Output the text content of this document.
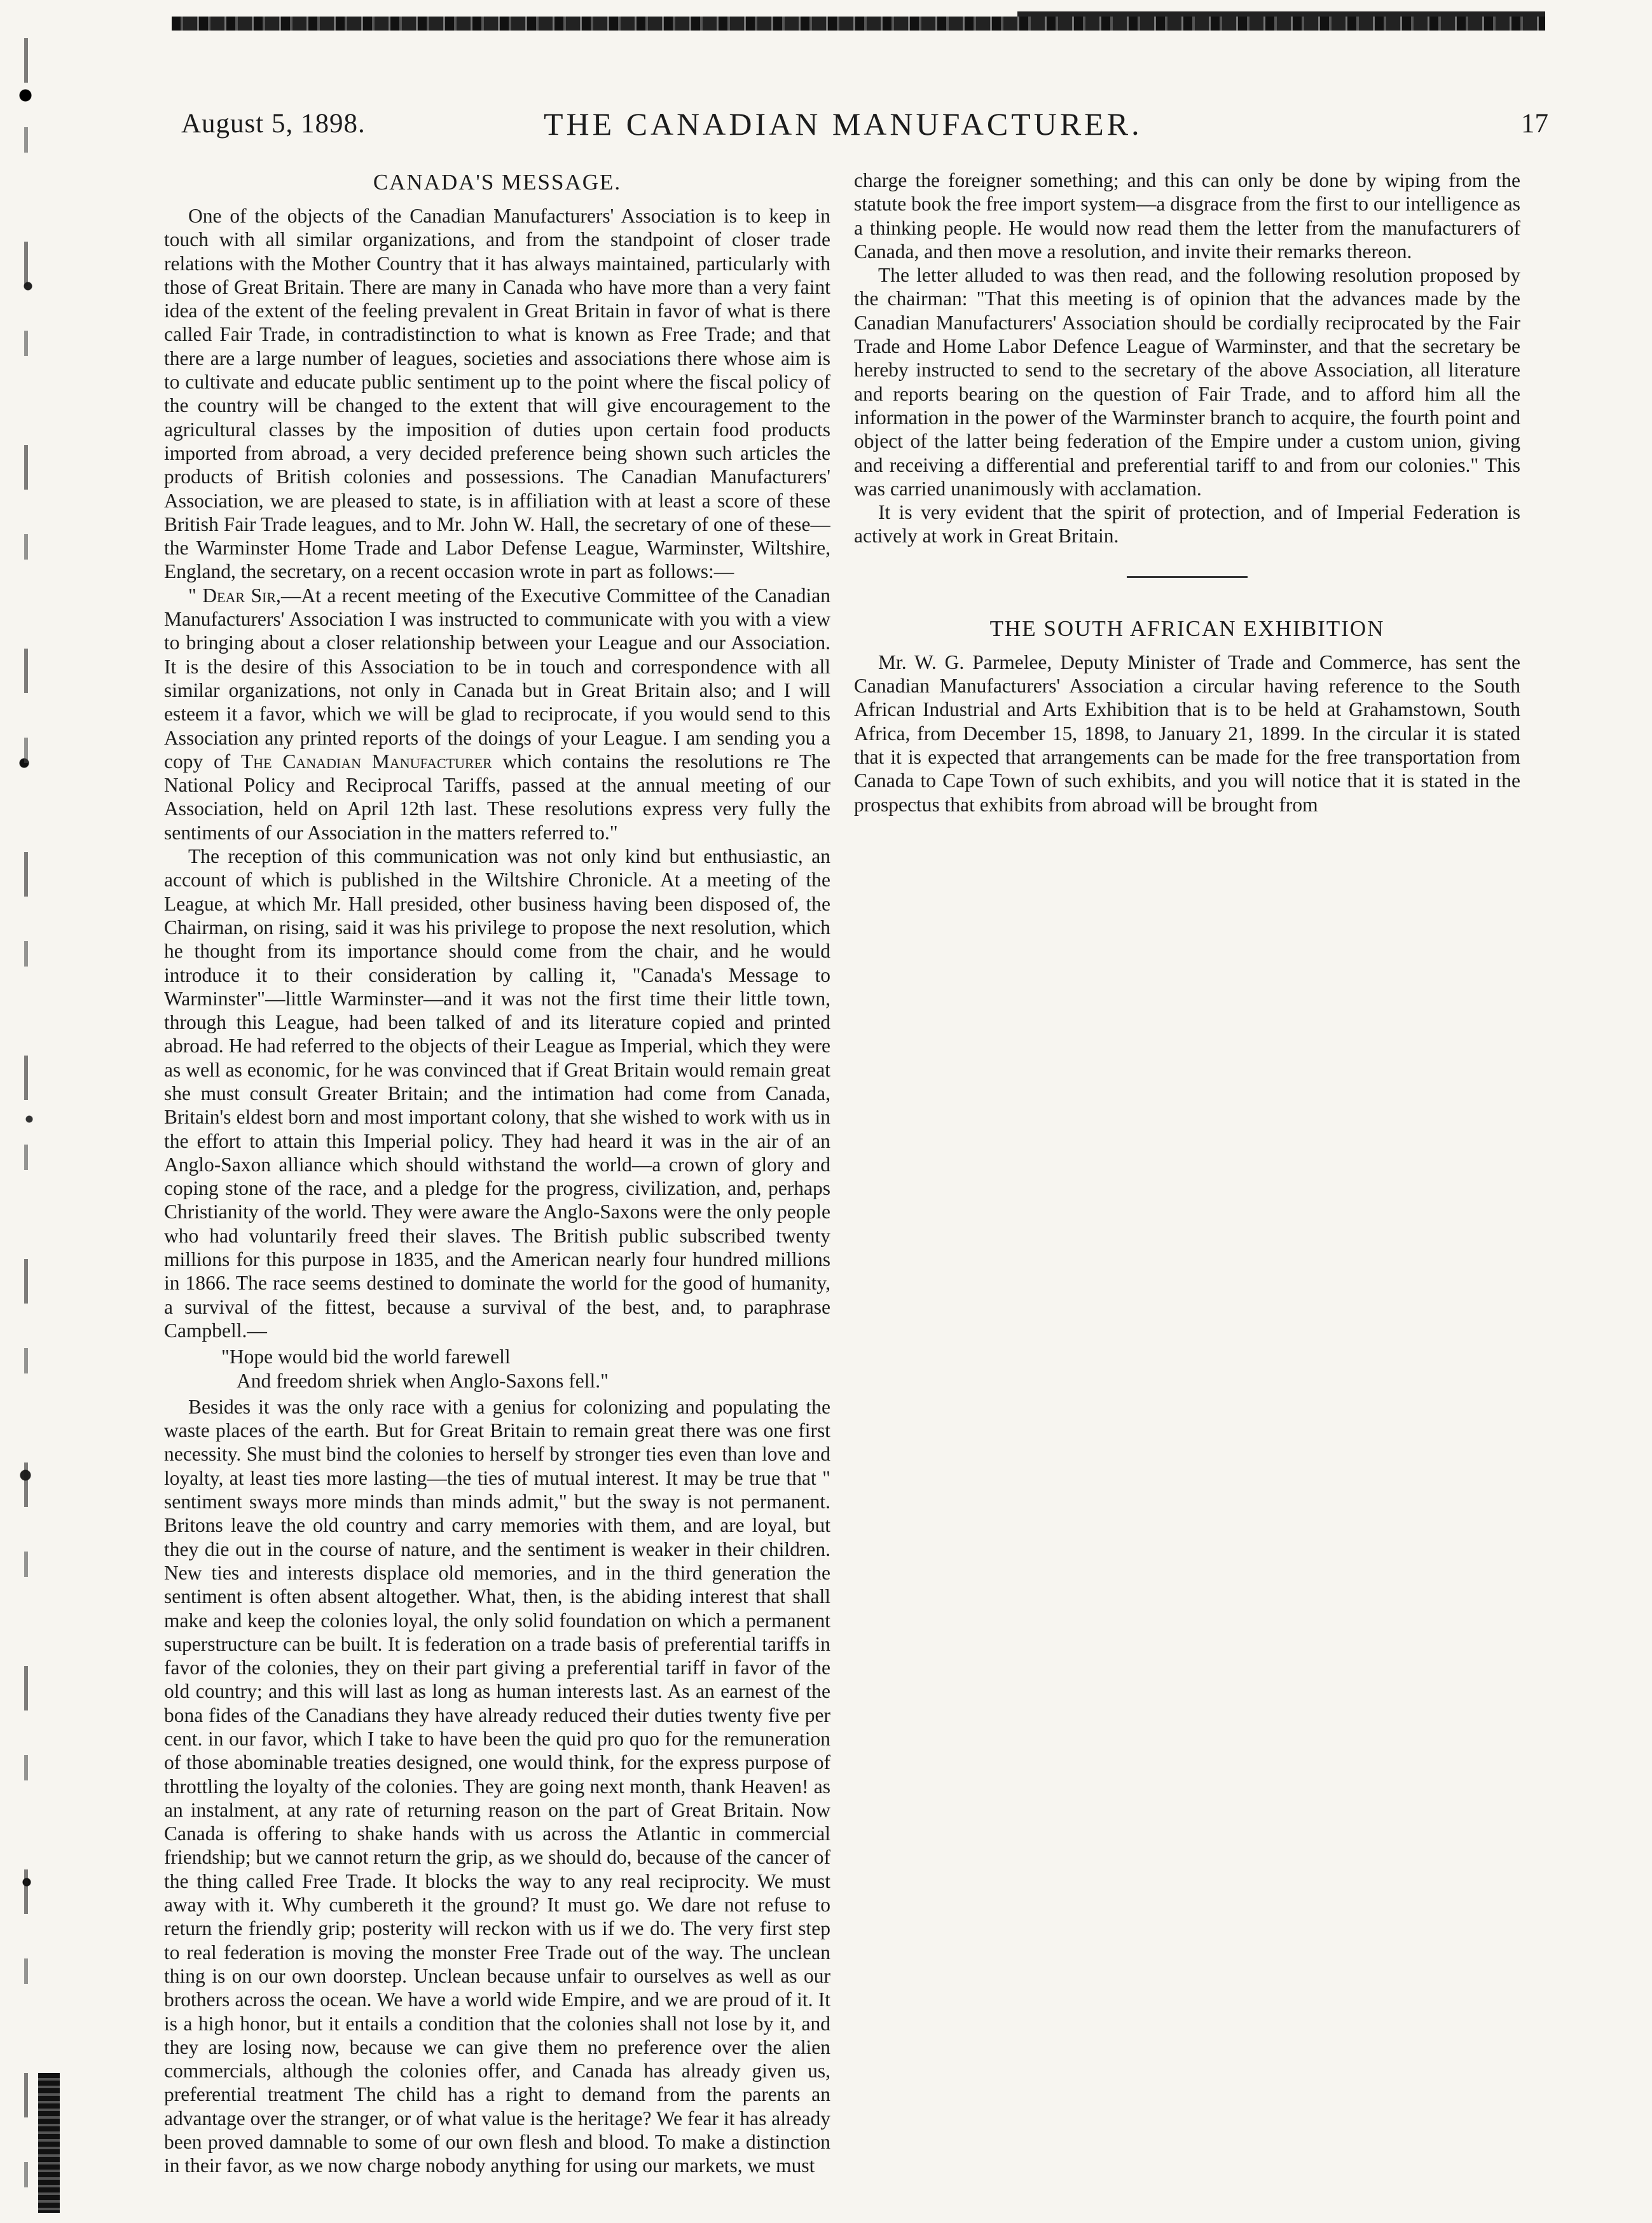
August 5, 1898.	THE CANADIAN MANUFACTURER.	17
CANADA'S MESSAGE.

One of the objects of the Canadian Manufacturers' Association is to keep in touch with all similar organizations, and from the standpoint of closer trade relations with the Mother Country that it has always maintained, particularly with those of Great Britain. There are many in Canada who have more than a very faint idea of the extent of the feeling prevalent in Great Britain in favor of what is there called Fair Trade, in contradistinction to what is known as Free Trade; and that there are a large number of leagues, societies and associations there whose aim is to cultivate and educate public sentiment up to the point where the fiscal policy of the country will be changed to the extent that will give encouragement to the agricultural classes by the imposition of duties upon certain food products imported from abroad, a very decided preference being shown such articles the products of British colonies and possessions. The Canadian Manufacturers' Association, we are pleased to state, is in affiliation with at least a score of these British Fair Trade leagues, and to Mr. John W. Hall, the secretary of one of these—the Warminster Home Trade and Labor Defense League, Warminster, Wiltshire, England, the secretary, on a recent occasion wrote in part as follows:—

" Dear Sir,—At a recent meeting of the Executive Committee of the Canadian Manufacturers' Association I was instructed to communicate with you with a view to bringing about a closer relationship between your League and our Association. It is the desire of this Association to be in touch and correspondence with all similar organizations, not only in Canada but in Great Britain also; and I will esteem it a favor, which we will be glad to reciprocate, if you would send to this Association any printed reports of the doings of your League. I am sending you a copy of The Canadian Manufacturer which contains the resolutions re The National Policy and Reciprocal Tariffs, passed at the annual meeting of our Association, held on April 12th last. These resolutions express very fully the sentiments of our Association in the matters referred to."

The reception of this communication was not only kind but enthusiastic, an account of which is published in the Wiltshire Chronicle. At a meeting of the League, at which Mr. Hall presided, other business having been disposed of, the Chairman, on rising, said it was his privilege to propose the next resolution, which he thought from its importance should come from the chair, and he would introduce it to their consideration by calling it, "Canada's Message to Warminster"—little Warminster—and it was not the first time their little town, through this League, had been talked of and its literature copied and printed abroad. He had referred to the objects of their League as Imperial, which they were as well as economic, for he was convinced that if Great Britain would remain great she must consult Greater Britain; and the intimation had come from Canada, Britain's eldest born and most important colony, that she wished to work with us in the effort to attain this Imperial policy. They had heard it was in the air of an Anglo-Saxon alliance which should withstand the world—a crown of glory and coping stone of the race, and a pledge for the progress, civilization, and, perhaps Christianity of the world. They were aware the Anglo-Saxons were the only people who had voluntarily freed their slaves. The British public subscribed twenty millions for this purpose in 1835, and the American nearly four hundred millions in 1866. The race seems destined to dominate the world for the good of humanity, a survival of the fittest, because a survival of the best, and, to paraphrase Campbell.—

"Hope would bid the world farewell
And freedom shriek when Anglo-Saxons fell."

Besides it was the only race with a genius for colonizing and populating the waste places of the earth. But for Great Britain to remain great there was one first necessity. She must bind the colonies to herself by stronger ties even than love and loyalty, at least ties more lasting—the ties of mutual interest. It may be true that " sentiment sways more minds than minds admit," but the sway is not permanent. Britons leave the old country and carry memories with them, and are loyal, but they die out in the course of nature, and the sentiment is weaker in their children. New ties and interests displace old memories, and in the third generation the sentiment is often absent altogether. What, then, is the abiding interest that shall make and keep the colonies loyal, the only solid foundation on which a permanent superstructure can be built. It is federation on a trade basis of preferential tariffs in favor of the colonies, they on their part giving a preferential tariff in favor of the old country; and this will last as long as human interests last. As an earnest of the bona fides of the Canadians they have already reduced their duties twenty five per cent. in our favor, which I take to have been the quid pro quo for the remuneration of those abominable treaties designed, one would think, for the express purpose of throttling the loyalty of the colonies. They are going next month, thank Heaven! as an instalment, at any rate of returning reason on the part of Great Britain. Now Canada is offering to shake hands with us across the Atlantic in commercial friendship; but we cannot return the grip, as we should do, because of the cancer of the thing called Free Trade. It blocks the way to any real reciprocity. We must away with it. Why cumbereth it the ground? It must go. We dare not refuse to return the friendly grip; posterity will reckon with us if we do. The very first step to real federation is moving the monster Free Trade out of the way. The unclean thing is on our own doorstep. Unclean because unfair to ourselves as well as our brothers across the ocean. We have a world wide Empire, and we are proud of it. It is a high honor, but it entails a condition that the colonies shall not lose by it, and they are losing now, because we can give them no preference over the alien commercials, although the colonies offer, and Canada has already given us, preferential treatment The child has a right to demand from the parents an advantage over the stranger, or of what value is the heritage? We fear it has already been proved damnable to some of our own flesh and blood. To make a distinction in their favor, as we now charge nobody anything for using our markets, we must

charge the foreigner something; and this can only be done by wiping from the statute book the free import system—a disgrace from the first to our intelligence as a thinking people. He would now read them the letter from the manufacturers of Canada, and then move a resolution, and invite their remarks thereon.

The letter alluded to was then read, and the following resolution proposed by the chairman: "That this meeting is of opinion that the advances made by the Canadian Manufacturers' Association should be cordially reciprocated by the Fair Trade and Home Labor Defence League of Warminster, and that the secretary be hereby instructed to send to the secretary of the above Association, all literature and reports bearing on the question of Fair Trade, and to afford him all the information in the power of the Warminster branch to acquire, the fourth point and object of the latter being federation of the Empire under a custom union, giving and receiving a differential and preferential tariff to and from our colonies." This was carried unanimously with acclamation.

It is very evident that the spirit of protection, and of Imperial Federation is actively at work in Great Britain.

THE SOUTH AFRICAN EXHIBITION

Mr. W. G. Parmelee, Deputy Minister of Trade and Commerce, has sent the Canadian Manufacturers' Association a circular having reference to the South African Industrial and Arts Exhibition that is to be held at Grahamstown, South Africa, from December 15, 1898, to January 21, 1899. In the circular it is stated that it is expected that arrangements can be made for the free transportation from Canada to Cape Town of such exhibits, and you will notice that it is stated in the prospectus that exhibits from abroad will be brought from
